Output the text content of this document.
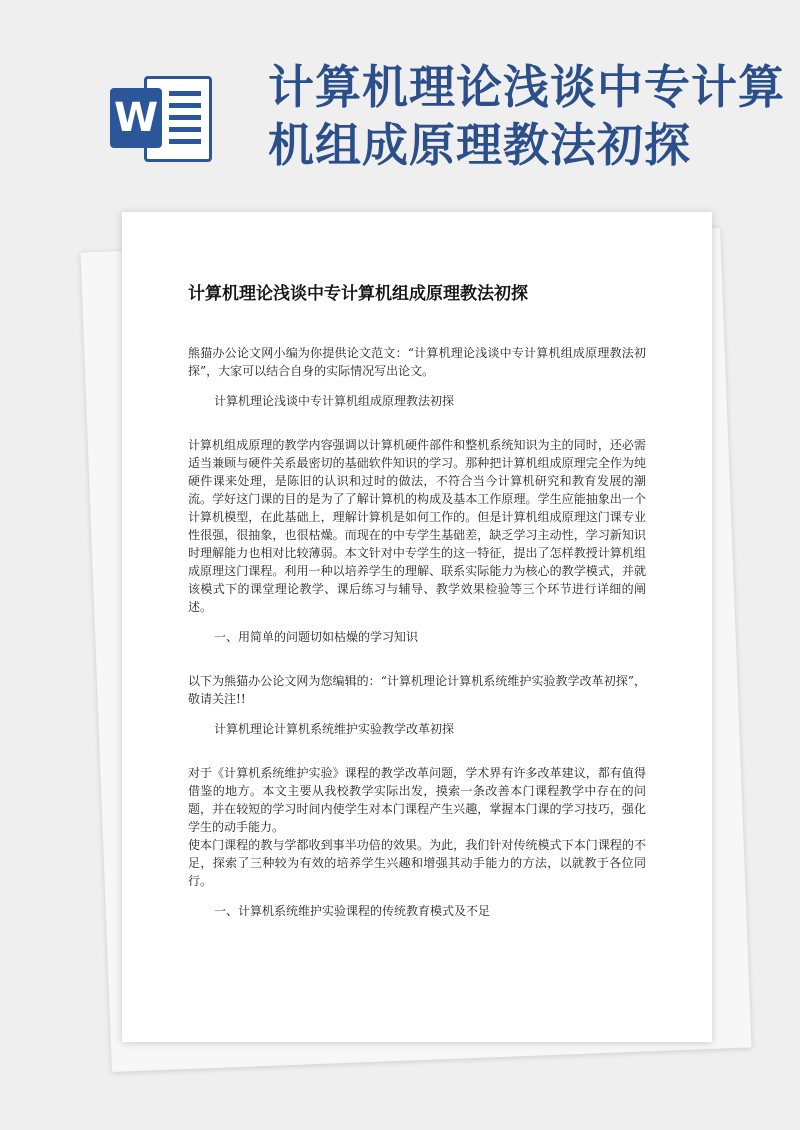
W
计算机理论浅谈中专计算机组成原理教法初探
计算机理论浅谈中专计算机组成原理教法初探

熊猫办公论文网小编为你提供论文范文：“计算机理论浅谈中专计算机组成原理教法初探”，大家可以结合自身的实际情况写出论文。

计算机理论浅谈中专计算机组成原理教法初探

计算机组成原理的教学内容强调以计算机硬件部件和整机系统知识为主的同时，还必需适当兼顾与硬件关系最密切的基础软件知识的学习。那种把计算机组成原理完全作为纯硬件课来处理，是陈旧的认识和过时的做法，不符合当今计算机研究和教育发展的潮流。学好这门课的目的是为了了解计算机的构成及基本工作原理。学生应能抽象出一个计算机模型，在此基础上，理解计算机是如何工作的。但是计算机组成原理这门课专业性很强，很抽象，也很枯燥。而现在的中专学生基础差，缺乏学习主动性，学习新知识时理解能力也相对比较薄弱。本文针对中专学生的这一特征，提出了怎样教授计算机组成原理这门课程。利用一种以培养学生的理解、联系实际能力为核心的教学模式，并就该模式下的课堂理论教学、课后练习与辅导、教学效果检验等三个环节进行详细的阐述。

一、用简单的问题切如枯燥的学习知识

以下为熊猫办公论文网为您编辑的：“计算机理论计算机系统维护实验教学改革初探”，敬请关注!!

计算机理论计算机系统维护实验教学改革初探

对于《计算机系统维护实验》课程的教学改革问题，学术界有许多改革建议，都有值得借鉴的地方。本文主要从我校教学实际出发，摸索一条改善本门课程教学中存在的问题，并在较短的学习时间内使学生对本门课程产生兴趣，掌握本门课的学习技巧，强化学生的动手能力。

使本门课程的教与学都收到事半功倍的效果。为此，我们针对传统模式下本门课程的不足，探索了三种较为有效的培养学生兴趣和增强其动手能力的方法，以就教于各位同行。

一、计算机系统维护实验课程的传统教育模式及不足
